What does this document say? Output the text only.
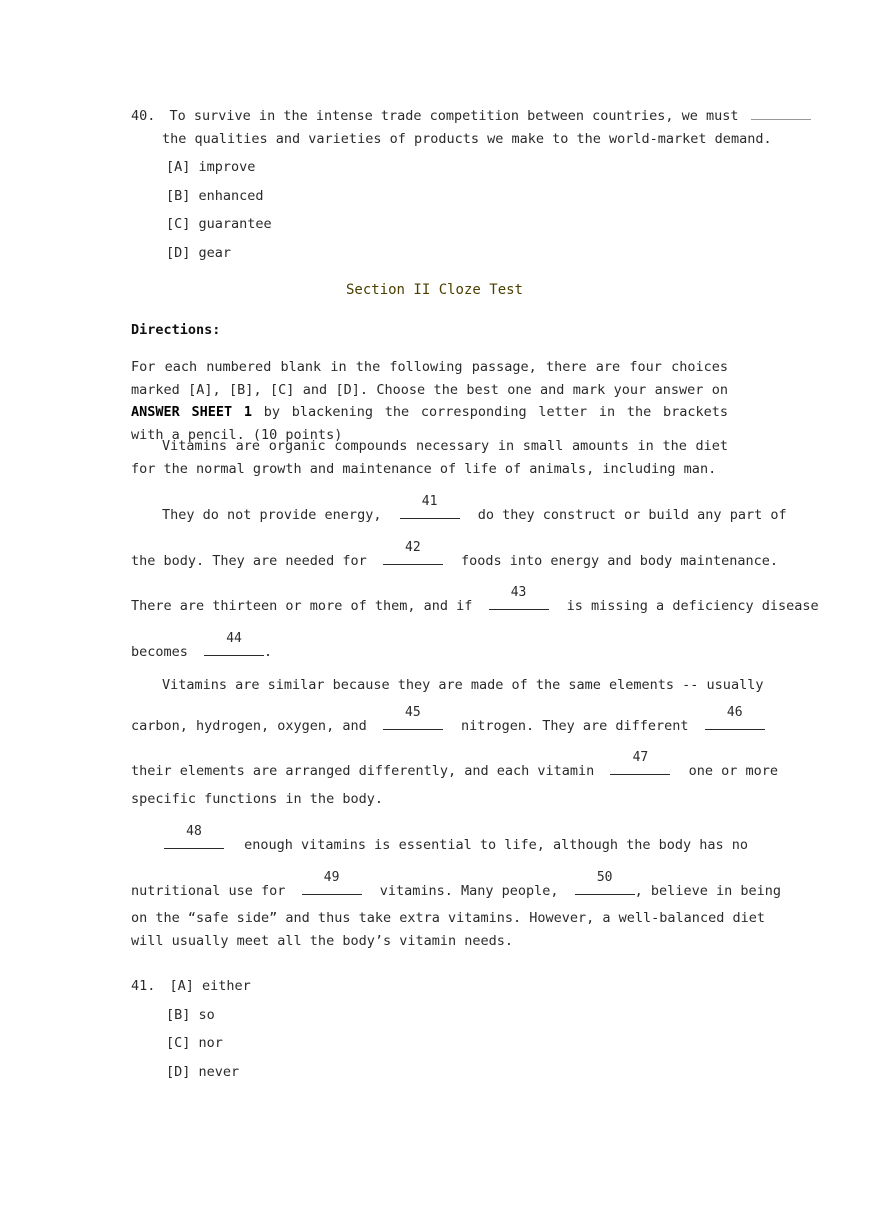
40. To survive in the intense trade competition between countries, we must
the qualities and varieties of products we make to the world-market demand.
[A] improve
[B] enhanced
[C] guarantee
[D] gear
Section II Cloze Test
Directions:
For each numbered blank in the following passage, there are four choices marked [A], [B], [C] and [D]. Choose the best one and mark your answer on ANSWER SHEET 1 by blackening the corresponding letter in the brackets with a pencil. (10 points)
Vitamins are organic compounds necessary in small amounts in the diet for the normal growth and maintenance of life of animals, including man.
They do not provide energy,
41
do they construct or build any part of
the body. They are needed for
42
foods into energy and body maintenance.
There are thirteen or more of them, and if
43
is missing a deficiency disease
becomes
44
.
Vitamins are similar because they are made of the same elements -- usually
carbon, hydrogen, oxygen, and
45
nitrogen. They are different
46
their elements are arranged differently, and each vitamin
47
one or more
specific functions in the body.
48
enough vitamins is essential to life, although the body has no
nutritional use for
49
vitamins. Many people,
50
, believe in being
on the “safe side” and thus take extra vitamins. However, a well-balanced diet
will usually meet all the body’s vitamin needs.
41. [A] either
[B] so
[C] nor
[D] never
